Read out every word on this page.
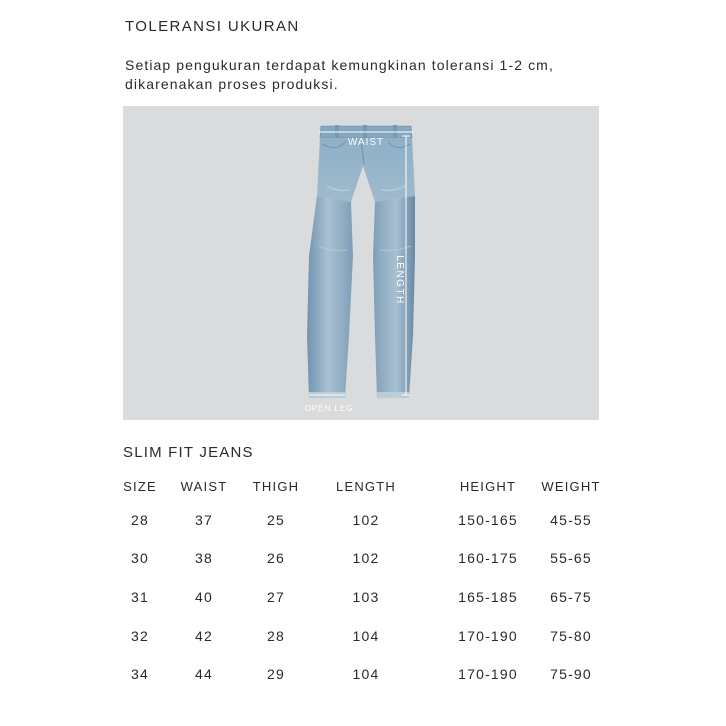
TOLERANSI UKURAN
Setiap pengukuran terdapat kemungkinan toleransi 1-2 cm,
dikarenakan proses produksi.
WAIST
LENGTH
OPEN LEG
SLIM FIT JEANS
SIZE WAIST THIGH	LENGTH	HEIGHT WEIGHT
28	37	25	102	150-165 45-55
30	38	26	102	160-175 55-65
31	40	27	103	165-185 65-75
32	42	28	104	170-190 75-80
34	44	29	104	170-190 75-90
